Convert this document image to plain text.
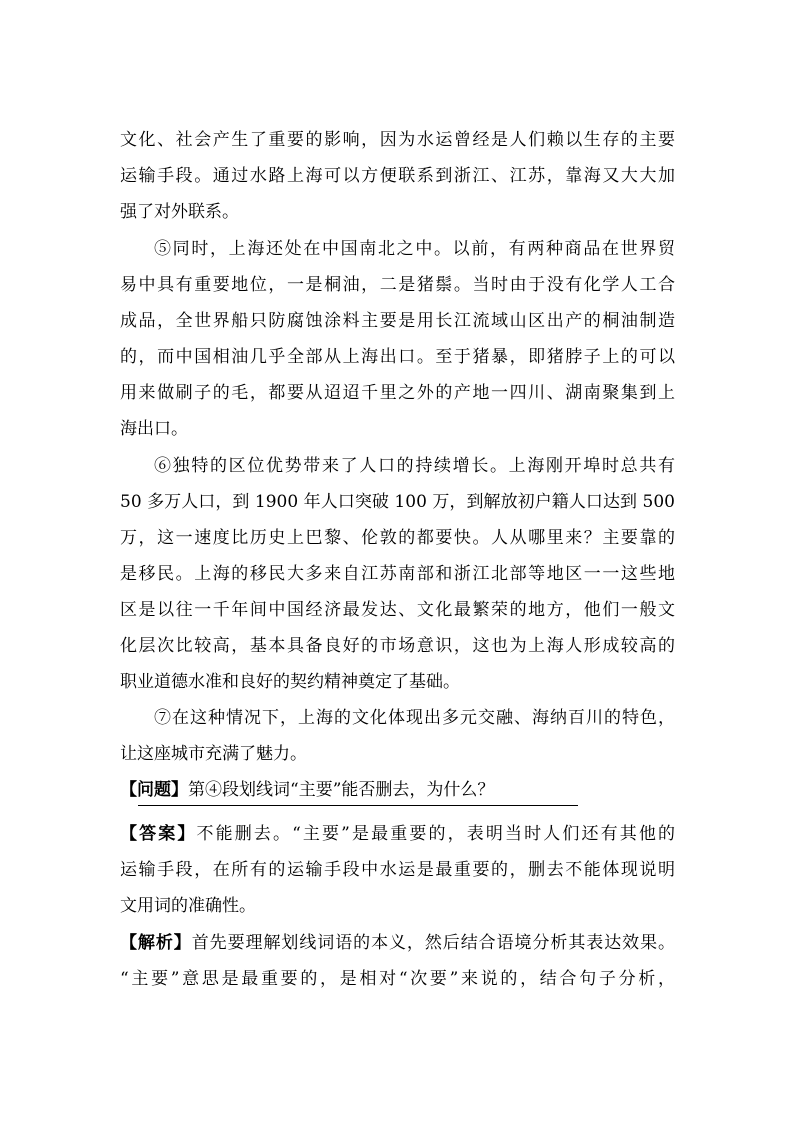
文化、社会产生了重要的影响，因为水运曾经是人们赖以生存的主要
运输手段。通过水路上海可以方便联系到浙江、江苏，靠海又大大加
强了对外联系。
⑤同时，上海还处在中国南北之中。以前，有两种商品在世界贸
易中具有重要地位，一是桐油，二是猪鬃。当时由于没有化学人工合
成品，全世界船只防腐蚀涂料主要是用长江流域山区出产的桐油制造
的，而中国相油几乎全部从上海出口。至于猪暴，即猪脖子上的可以
用来做刷子的毛，都要从迢迢千里之外的产地一四川、湖南聚集到上
海出口。
⑥独特的区位优势带来了人口的持续增长。上海刚开埠时总共有
50 多万人口，到 1900 年人口突破 100 万，到解放初户籍人口达到 500
万，这一速度比历史上巴黎、伦敦的都要快。人从哪里来？主要靠的
是移民。上海的移民大多来自江苏南部和浙江北部等地区一一这些地
区是以往一千年间中国经济最发达、文化最繁荣的地方，他们一般文
化层次比较高，基本具备良好的市场意识，这也为上海人形成较高的
职业道德水准和良好的契约精神奠定了基础。
⑦在这种情况下，上海的文化体现出多元交融、海纳百川的特色，
让这座城市充满了魅力。
【问题】第④段划线词“主要”能否删去，为什么？
【答案】不能删去。“主要”是最重要的，表明当时人们还有其他的
运输手段，在所有的运输手段中水运是最重要的，删去不能体现说明
文用词的准确性。
【解析】首先要理解划线词语的本义，然后结合语境分析其表达效果。
“主要”意思是最重要的，是相对“次要”来说的，结合句子分析，
